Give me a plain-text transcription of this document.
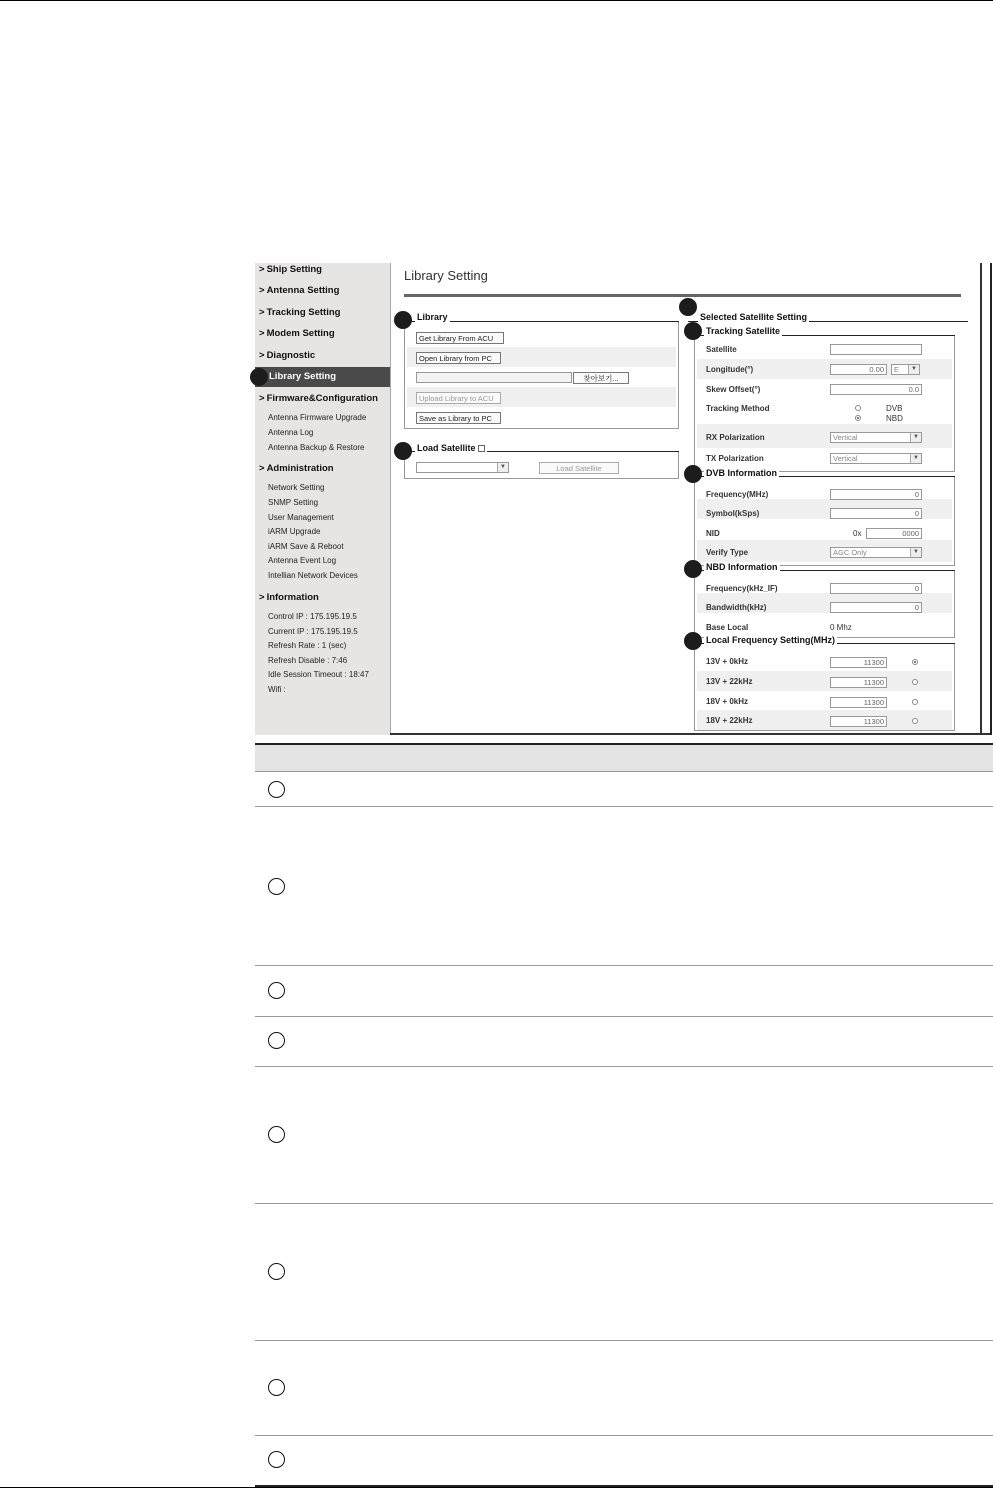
> Ship Setting
> Antenna Setting
> Tracking Setting
> Modem Setting
> Diagnostic
Library Setting
> Firmware&Configuration
Antenna Firmware Upgrade
Antenna Log
Antenna Backup & Restore
> Administration
Network Setting
SNMP Setting
User Management
iARM Upgrade
iARM Save & Reboot
Antenna Event Log
Intellian Network Devices
> Information
Control IP : 175.195.19.5
Current IP : 175.195.19.5
Refresh Rate : 1 (sec)
Refresh Disable : 7:46
Idle Session Timeout : 18:47
Wifi :
Library Setting
Get Library From ACU
Open Library from PC
찾아보기...
Upload Library to ACU
Save as Library to PC
Library
▼	Load Satellite
Load Satellite
Selected Satellite Setting
Satellite
Longitude(°)	0.00	E	▼
Skew Offset(°)	0.0
Tracking Method	DVB
NBD
RX Polarization	Vertical	▼
TX Polarization	Vertical	▼
Tracking Satellite
Frequency(MHz)	0
Symbol(kSps)	0
NID	0x	0000
Verify Type	AGC Only	▼
DVB Information
Frequency(kHz_IF)	0
Bandwidth(kHz)	0
Base Local	0 Mhz
NBD Information
13V + 0kHz	11300
13V + 22kHz	11300
18V + 0kHz	11300
18V + 22kHz	11300
Local Frequency Setting(MHz)
